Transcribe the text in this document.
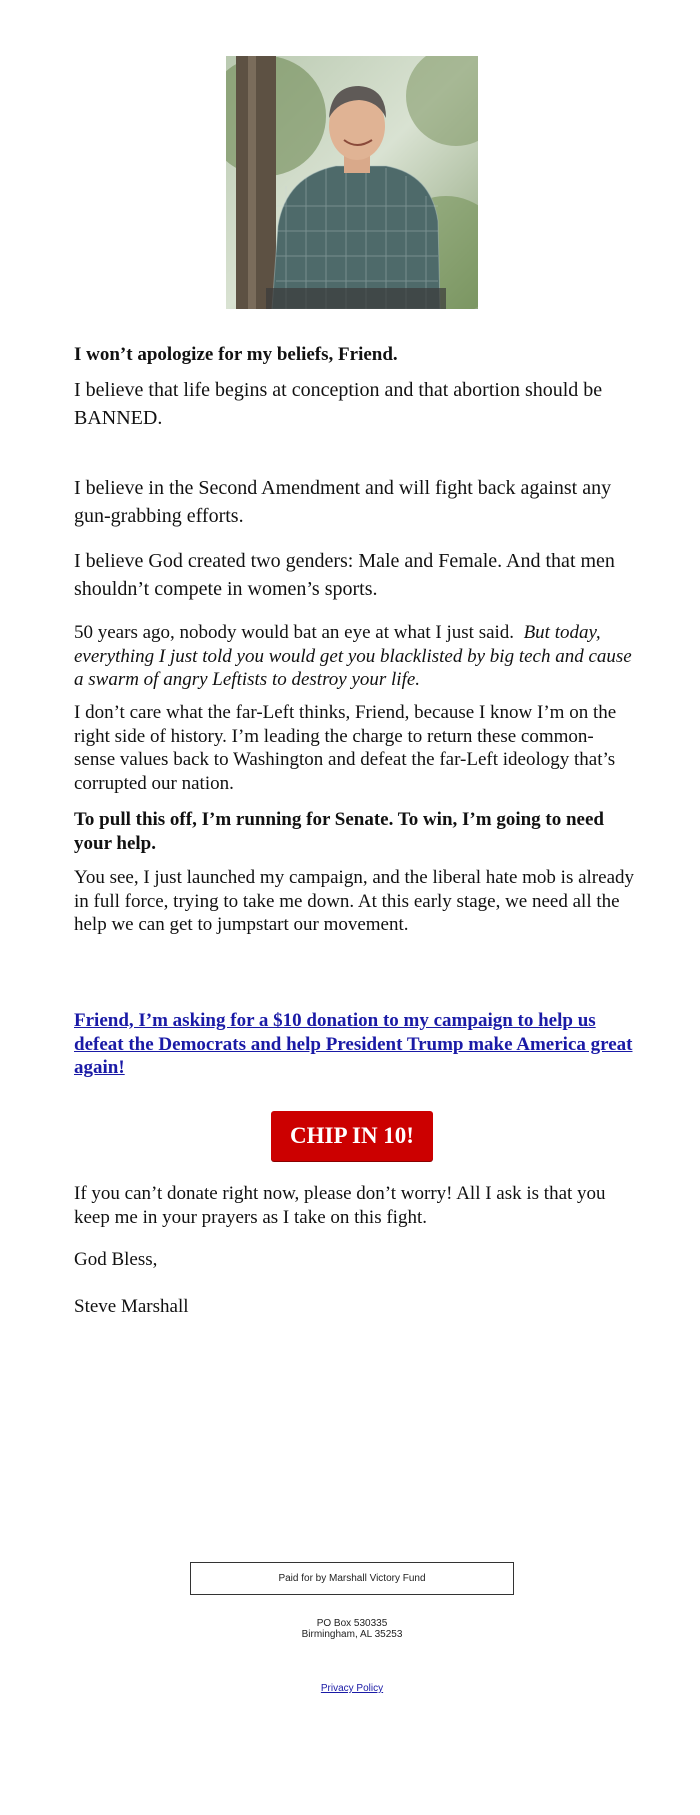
I won’t apologize for my beliefs, Friend.

I believe that life begins at conception and that abortion should be BANNED.

I believe in the Second Amendment and will fight back against any gun-grabbing efforts.

I believe God created two genders: Male and Female. And that men shouldn’t compete in women’s sports.

50 years ago, nobody would bat an eye at what I just said. But today, everything I just told you would get you blacklisted by big tech and cause a swarm of angry Leftists to destroy your life.

I don’t care what the far-Left thinks, Friend, because I know I’m on the right side of history. I’m leading the charge to return these common-sense values back to Washington and defeat the far-Left ideology that’s corrupted our nation.

To pull this off, I’m running for Senate. To win, I’m going to need your help.

You see, I just launched my campaign, and the liberal hate mob is already in full force, trying to take me down. At this early stage, we need all the help we can get to jumpstart our movement.

Friend, I’m asking for a $10 donation to my campaign to help us defeat the Democrats and help President Trump make America great again!

CHIP IN 10!

If you can’t donate right now, please don’t worry! All I ask is that you keep me in your prayers as I take on this fight.

God Bless,

Steve Marshall

Paid for by Marshall Victory Fund
PO Box 530335
Birmingham, AL 35253
Privacy Policy
